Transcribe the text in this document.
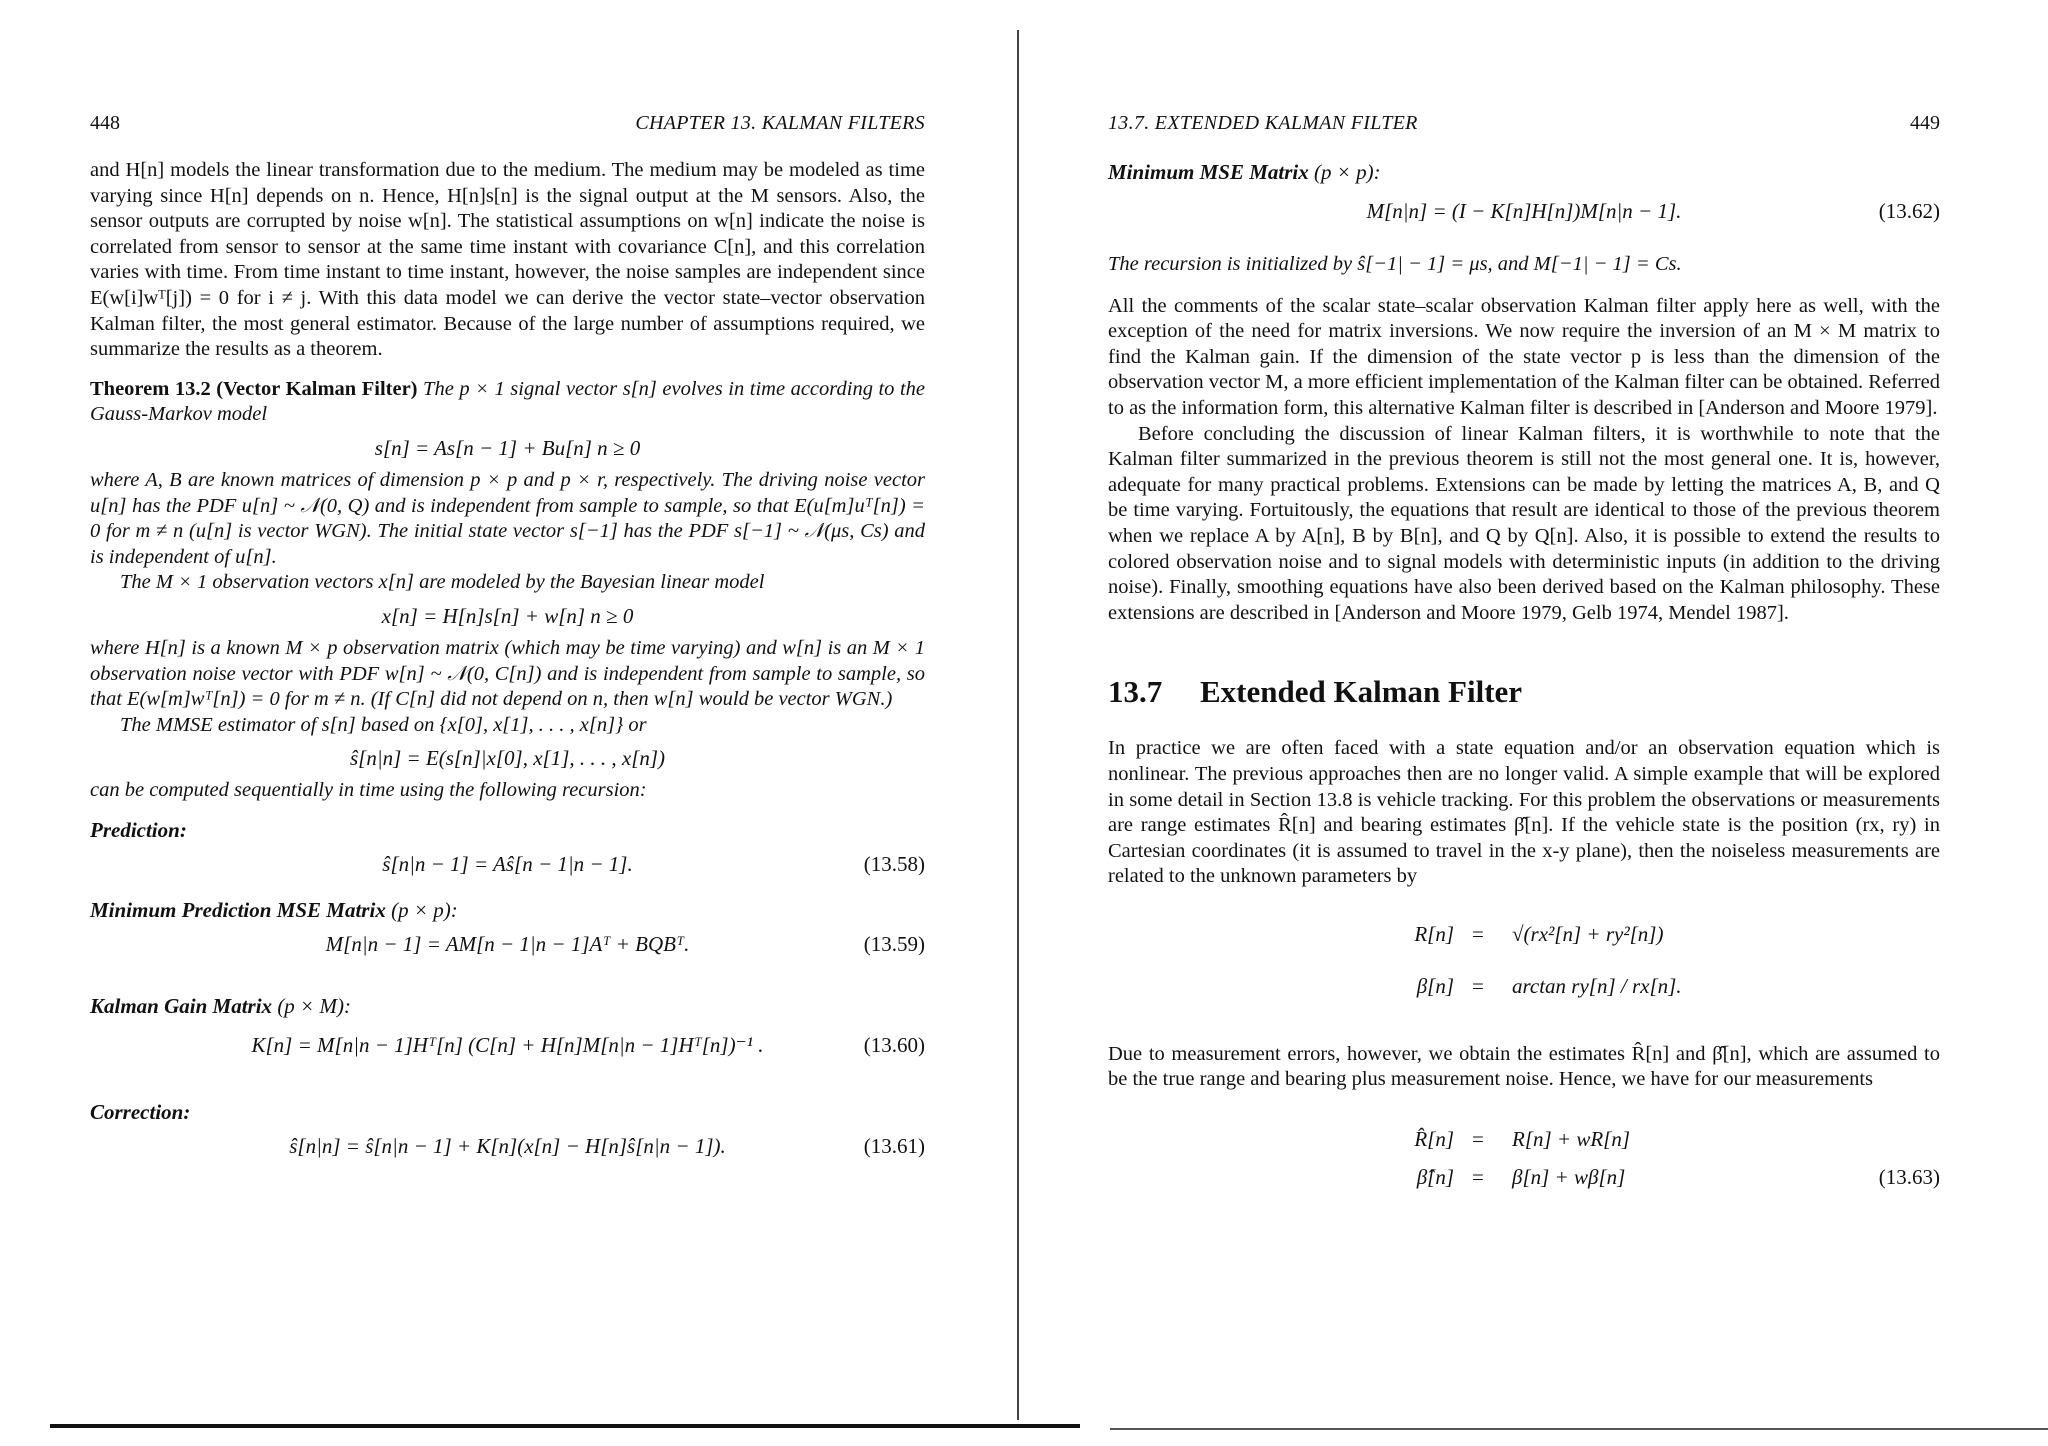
448	CHAPTER 13. KALMAN FILTERS

and H[n] models the linear transformation due to the medium. The medium may be modeled as time varying since H[n] depends on n. Hence, H[n]s[n] is the signal output at the M sensors. Also, the sensor outputs are corrupted by noise w[n]. The statistical assumptions on w[n] indicate the noise is correlated from sensor to sensor at the same time instant with covariance C[n], and this correlation varies with time. From time instant to time instant, however, the noise samples are independent since E(w[i]wᵀ[j]) = 0 for i ≠ j. With this data model we can derive the vector state–vector observation Kalman filter, the most general estimator. Because of the large number of assumptions required, we summarize the results as a theorem.

Theorem 13.2 (Vector Kalman Filter) The p × 1 signal vector s[n] evolves in time according to the Gauss-Markov model

s[n] = As[n − 1] + Bu[n] n ≥ 0

where A, B are known matrices of dimension p × p and p × r, respectively. The driving noise vector u[n] has the PDF u[n] ~ 𝒩(0, Q) and is independent from sample to sample, so that E(u[m]uᵀ[n]) = 0 for m ≠ n (u[n] is vector WGN). The initial state vector s[−1] has the PDF s[−1] ~ 𝒩(μs, Cs) and is independent of u[n].

The M × 1 observation vectors x[n] are modeled by the Bayesian linear model

x[n] = H[n]s[n] + w[n] n ≥ 0

where H[n] is a known M × p observation matrix (which may be time varying) and w[n] is an M × 1 observation noise vector with PDF w[n] ~ 𝒩(0, C[n]) and is independent from sample to sample, so that E(w[m]wᵀ[n]) = 0 for m ≠ n. (If C[n] did not depend on n, then w[n] would be vector WGN.)

The MMSE estimator of s[n] based on {x[0], x[1], . . . , x[n]} or

ŝ[n|n] = E(s[n]|x[0], x[1], . . . , x[n])

can be computed sequentially in time using the following recursion:

Prediction:
ŝ[n|n − 1] = Aŝ[n − 1|n − 1].	(13.58)
Minimum Prediction MSE Matrix (p × p):
M[n|n − 1] = AM[n − 1|n − 1]Aᵀ + BQBᵀ.	(13.59)
Kalman Gain Matrix (p × M):
K[n] = M[n|n − 1]Hᵀ[n] (C[n] + H[n]M[n|n − 1]Hᵀ[n])⁻¹ .	(13.60)
Correction:
ŝ[n|n] = ŝ[n|n − 1] + K[n](x[n] − H[n]ŝ[n|n − 1]).	(13.61)
13.7. EXTENDED KALMAN FILTER	449
Minimum MSE Matrix (p × p):
M[n|n] = (I − K[n]H[n])M[n|n − 1].	(13.62)

The recursion is initialized by ŝ[−1| − 1] = μs, and M[−1| − 1] = Cs.

All the comments of the scalar state–scalar observation Kalman filter apply here as well, with the exception of the need for matrix inversions. We now require the inversion of an M × M matrix to find the Kalman gain. If the dimension of the state vector p is less than the dimension of the observation vector M, a more efficient implementation of the Kalman filter can be obtained. Referred to as the information form, this alternative Kalman filter is described in [Anderson and Moore 1979].

Before concluding the discussion of linear Kalman filters, it is worthwhile to note that the Kalman filter summarized in the previous theorem is still not the most general one. It is, however, adequate for many practical problems. Extensions can be made by letting the matrices A, B, and Q be time varying. Fortuitously, the equations that result are identical to those of the previous theorem when we replace A by A[n], B by B[n], and Q by Q[n]. Also, it is possible to extend the results to colored observation noise and to signal models with deterministic inputs (in addition to the driving noise). Finally, smoothing equations have also been derived based on the Kalman philosophy. These extensions are described in [Anderson and Moore 1979, Gelb 1974, Mendel 1987].

13.7 Extended Kalman Filter

In practice we are often faced with a state equation and/or an observation equation which is nonlinear. The previous approaches then are no longer valid. A simple example that will be explored in some detail in Section 13.8 is vehicle tracking. For this problem the observations or measurements are range estimates R̂[n] and bearing estimates β̂[n]. If the vehicle state is the position (rx, ry) in Cartesian coordinates (it is assumed to travel in the x-y plane), then the noiseless measurements are related to the unknown parameters by

R[n] = √(rx²[n] + ry²[n])
β[n] = arctan ry[n] / rx[n].

Due to measurement errors, however, we obtain the estimates R̂[n] and β̂[n], which are assumed to be the true range and bearing plus measurement noise. Hence, we have for our measurements

R̂[n] = R[n] + wR[n]
β̂[n] = β[n] + wβ[n]	(13.63)
